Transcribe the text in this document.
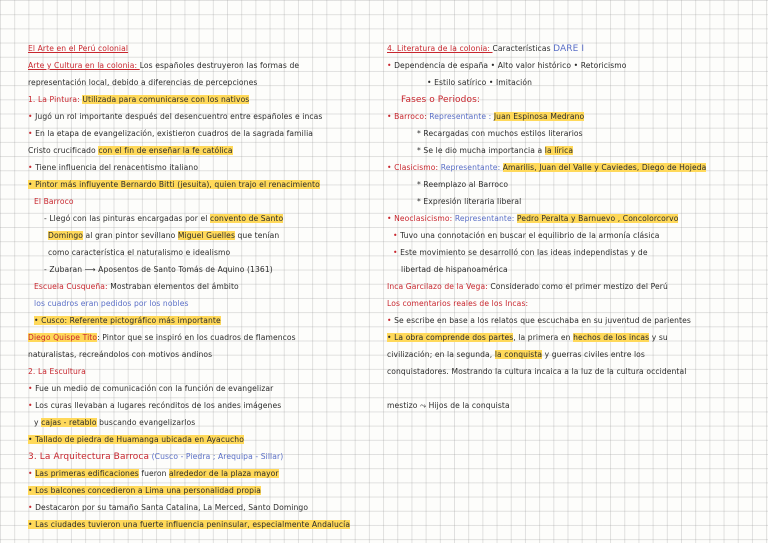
El Arte en el Perú colonial
Arte y Cultura en la colonia: Los españoles destruyeron las formas de
representación local, debido a diferencias de percepciones
1. La Pintura: Utilizada para comunicarse con los nativos
• Jugó un rol importante después del desencuentro entre españoles e incas
• En la etapa de evangelización, existieron cuadros de la sagrada familia
Cristo crucificado con el fin de enseñar la fe católica
• Tiene influencia del renacentismo italiano
• Pintor más influyente Bernardo Bitti (jesuita), quien trajo el renacimiento
El Barroco
- Llegó con las pinturas encargadas por el convento de Santo
Domingo al gran pintor sevillano Miguel Guelles que tenían
como característica el naturalismo e idealismo
- Zubaran ⟶ Aposentos de Santo Tomás de Aquino (1361)
Escuela Cusqueña: Mostraban elementos del ámbito
los cuadros eran pedidos por los nobles
• Cusco: Referente pictográfico más importante
Diego Quispe Tito: Pintor que se inspiró en los cuadros de flamencos
naturalistas, recreándolos con motivos andinos
2. La Escultura
• Fue un medio de comunicación con la función de evangelizar
• Los curas llevaban a lugares recónditos de los andes imágenes
y cajas - retablo buscando evangelizarlos
• Tallado de piedra de Huamanga ubicada en Ayacucho
3. La Arquitectura Barroca (Cusco - Piedra ; Arequipa - Sillar)
• Las primeras edificaciones fueron alrededor de la plaza mayor
• Los balcones concedieron a Lima una personalidad propia
• Destacaron por su tamaño Santa Catalina, La Merced, Santo Domingo
• Las ciudades tuvieron una fuerte influencia peninsular, especialmente Andalucía
4. Literatura de la colonia: Características DARE I
• Dependencia de españa • Alto valor histórico • Retoricismo
• Estilo satírico • Imitación
Fases o Periodos:
• Barroco: Representante : Juan Espinosa Medrano
* Recargadas con muchos estilos literarios
* Se le dio mucha importancia a la lírica
• Clasicismo: Representante: Amarilis, Juan del Valle y Caviedes, Diego de Hojeda
* Reemplazo al Barroco
* Expresión literaria liberal
• Neoclasicismo: Representante: Pedro Peralta y Barnuevo , Concolorcorvo
• Tuvo una connotación en buscar el equilibrio de la armonía clásica
• Este movimiento se desarrolló con las ideas independistas y de
libertad de hispanoamérica
Inca Garcilazo de la Vega: Considerado como el primer mestizo del Perú
Los comentarios reales de los Incas:
• Se escribe en base a los relatos que escuchaba en su juventud de parientes
• La obra comprende dos partes, la primera en hechos de los incas y su
civilización; en la segunda, la conquista y guerras civiles entre los
conquistadores. Mostrando la cultura incaica a la luz de la cultura occidental
mestizo ⤳ Hijos de la conquista
